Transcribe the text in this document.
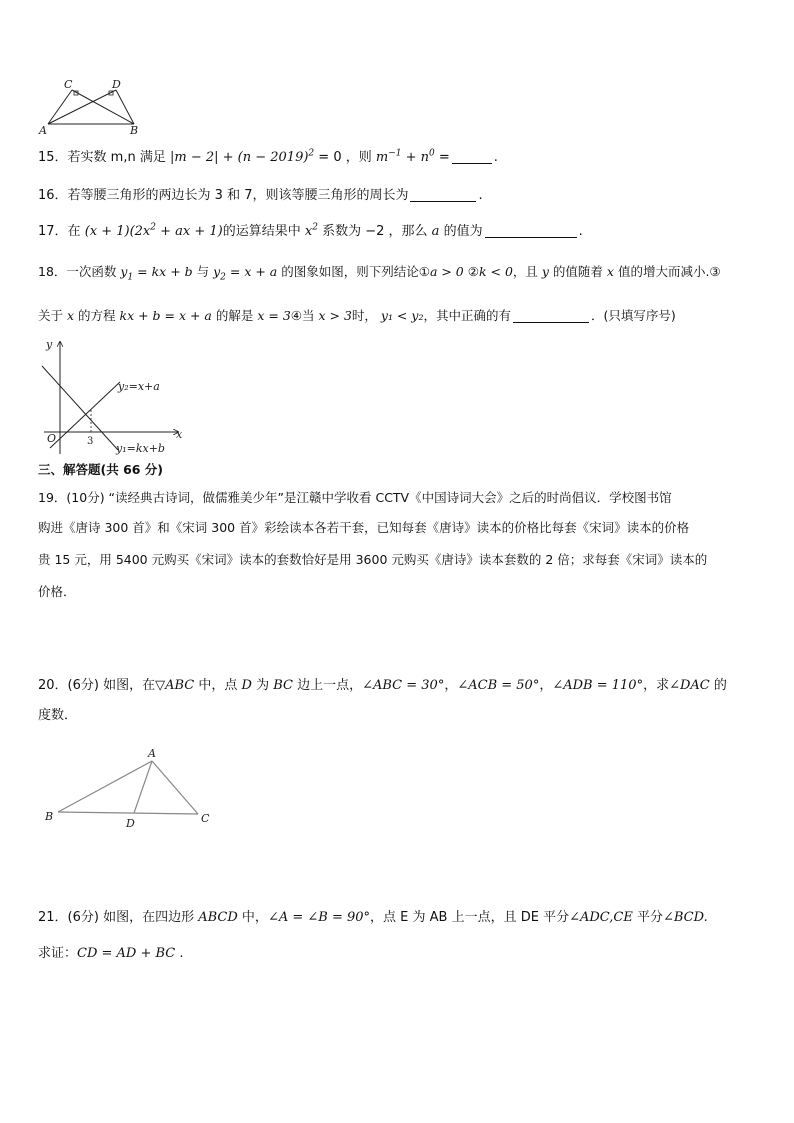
C	D
A	B
15．若实数 m,n 满足 $|m - 2| + (n - 2019)^2 = 0$ ，则 $m^{-1} + n^0$ =	.
16．若等腰三角形的两边长为 3 和 7，则该等腰三角形的周长为	.
17．在 $(x + 1)(2x^2$ + ax + 1)的运算结果中 $x^2$ 系数为 −2 ，那么 a 的值为	.
18．一次函数 $y_1$ = kx + b 与 $y_2 = x + a$ 的图象如图，则下列结论①a > 0 ②k < 0，且 y 的值随着 x 值的增大而减小.③
关于 x 的方程 kx + b = x + a 的解是 x = 3④当 x > 3时， y₁ < y₂，其中正确的有	．(只填写序号)
y
x
O	3
y₂=x+a
y₁=kx+b
三、解答题(共 66 分)
19．(10分) “读经典古诗词，做儒雅美少年”是江赣中学收看 CCTV《中国诗词大会》之后的时尚倡议．学校图书馆
购进《唐诗 300 首》和《宋词 300 首》彩绘读本各若干套，已知每套《唐诗》读本的价格比每套《宋词》读本的价格
贵 15 元，用 5400 元购买《宋词》读本的套数恰好是用 3600 元购买《唐诗》读本套数的 2 倍；求每套《宋词》读本的
价格．
20．(6分) 如图，在▽ABC 中，点 D 为 BC 边上一点，∠ABC = 30°，∠ACB = 50°，∠ADB = 110°，求∠DAC 的
度数．
A
B
D	C
21．(6分) 如图，在四边形 ABCD 中，∠A = ∠B = 90°，点 E 为 AB 上一点，且 DE 平分∠ADC,CE 平分∠BCD.
求证：CD = AD + BC .
